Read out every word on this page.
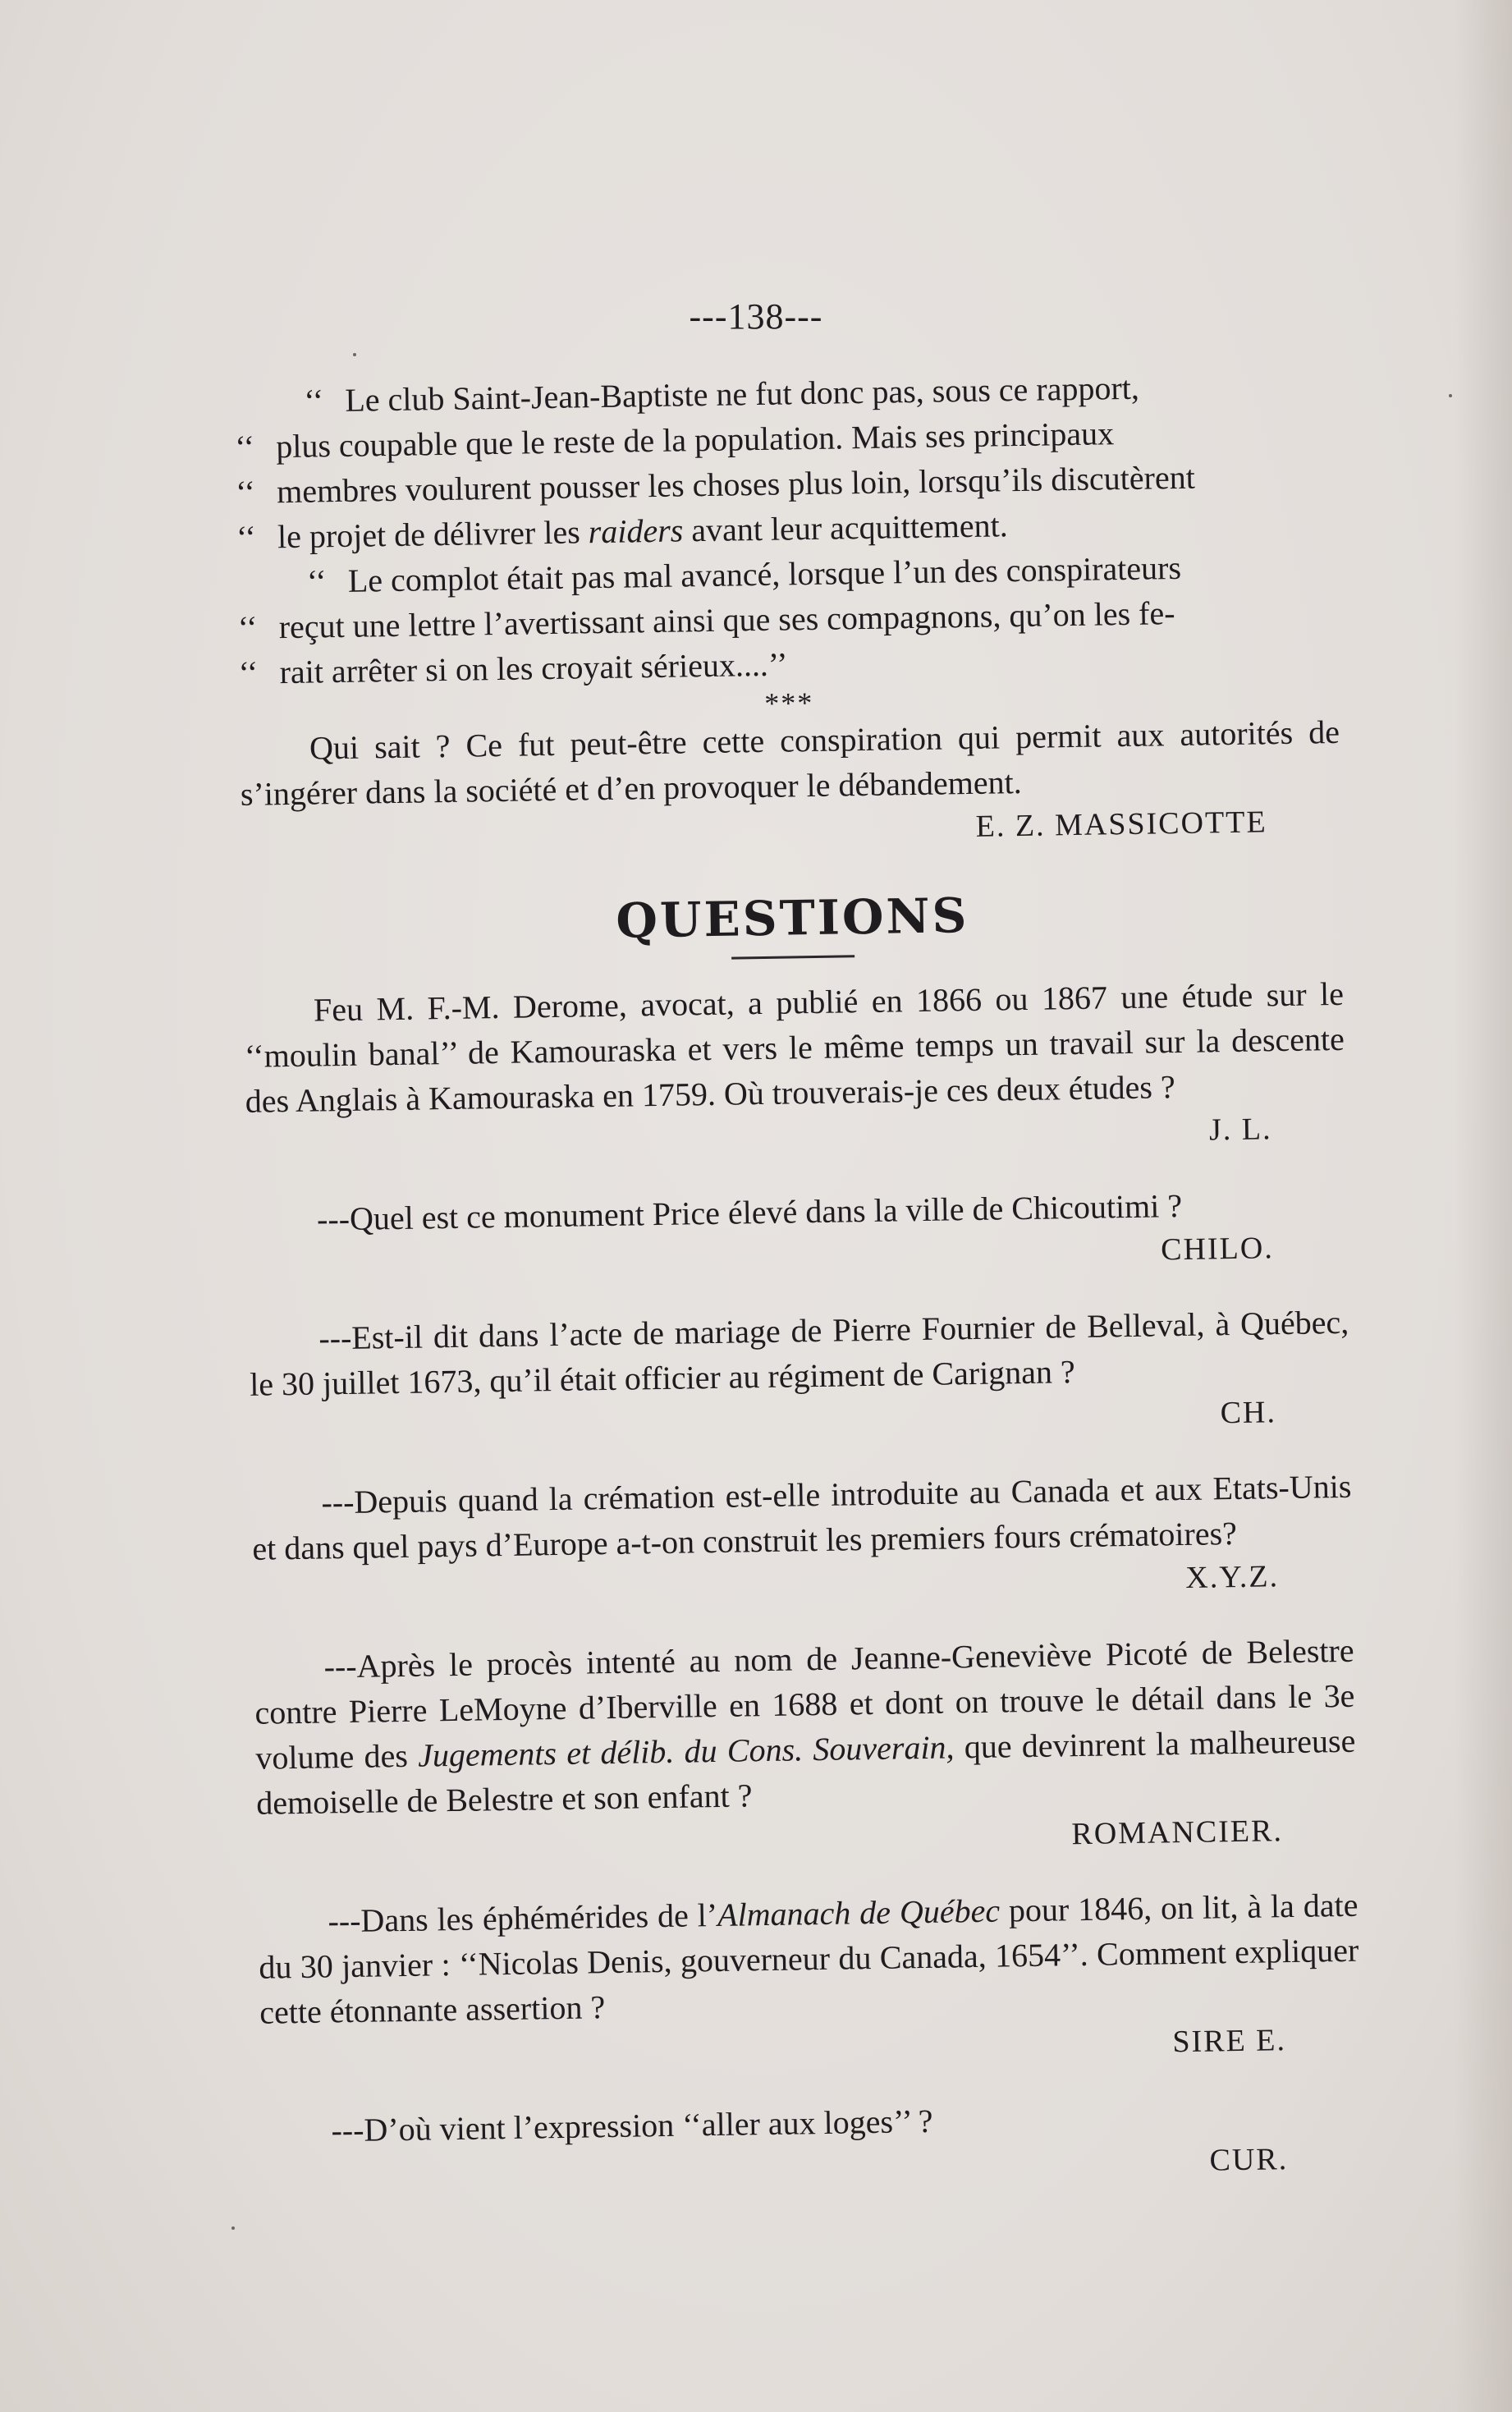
---138---

‘‘ Le club Saint-Jean-Baptiste ne fut donc pas, sous ce rapport,

‘‘ plus coupable que le reste de la population. Mais ses principaux

‘‘ membres voulurent pousser les choses plus loin, lorsqu’ils discutèrent

‘‘ le projet de délivrer les raiders avant leur acquittement.

‘‘ Le complot était pas mal avancé, lorsque l’un des conspirateurs

‘‘ reçut une lettre l’avertissant ainsi que ses compagnons, qu’on les fe-

‘‘ rait arrêter si on les croyait sérieux....’’

***

Qui sait ? Ce fut peut-être cette conspiration qui permit aux autorités de s’ingérer dans la société et d’en provoquer le débandement.

E. Z. MASSICOTTE

QUESTIONS

Feu M. F.-M. Derome, avocat, a publié en 1866 ou 1867 une étude sur le ‘‘moulin banal’’ de Kamouraska et vers le même temps un travail sur la descente des Anglais à Kamouraska en 1759. Où trouverais-je ces deux études ?

J. L.

---Quel est ce monument Price élevé dans la ville de Chicoutimi ?

CHILO.

---Est-il dit dans l’acte de mariage de Pierre Fournier de Belleval, à Québec, le 30 juillet 1673, qu’il était officier au régiment de Carignan ?

CH.

---Depuis quand la crémation est-elle introduite au Canada et aux Etats-Unis et dans quel pays d’Europe a-t-on construit les premiers fours crématoires?

X.Y.Z.

---Après le procès intenté au nom de Jeanne-Geneviève Picoté de Belestre contre Pierre LeMoyne d’Iberville en 1688 et dont on trouve le détail dans le 3e volume des Jugements et délib. du Cons. Souverain, que devinrent la malheureuse demoiselle de Belestre et son enfant ?

ROMANCIER.

---Dans les éphémérides de l’Almanach de Québec pour 1846, on lit, à la date du 30 janvier : ‘‘Nicolas Denis, gouverneur du Canada, 1654’’. Comment expliquer cette étonnante assertion ?

SIRE E.

---D’où vient l’expression ‘‘aller aux loges’’ ?

CUR.
